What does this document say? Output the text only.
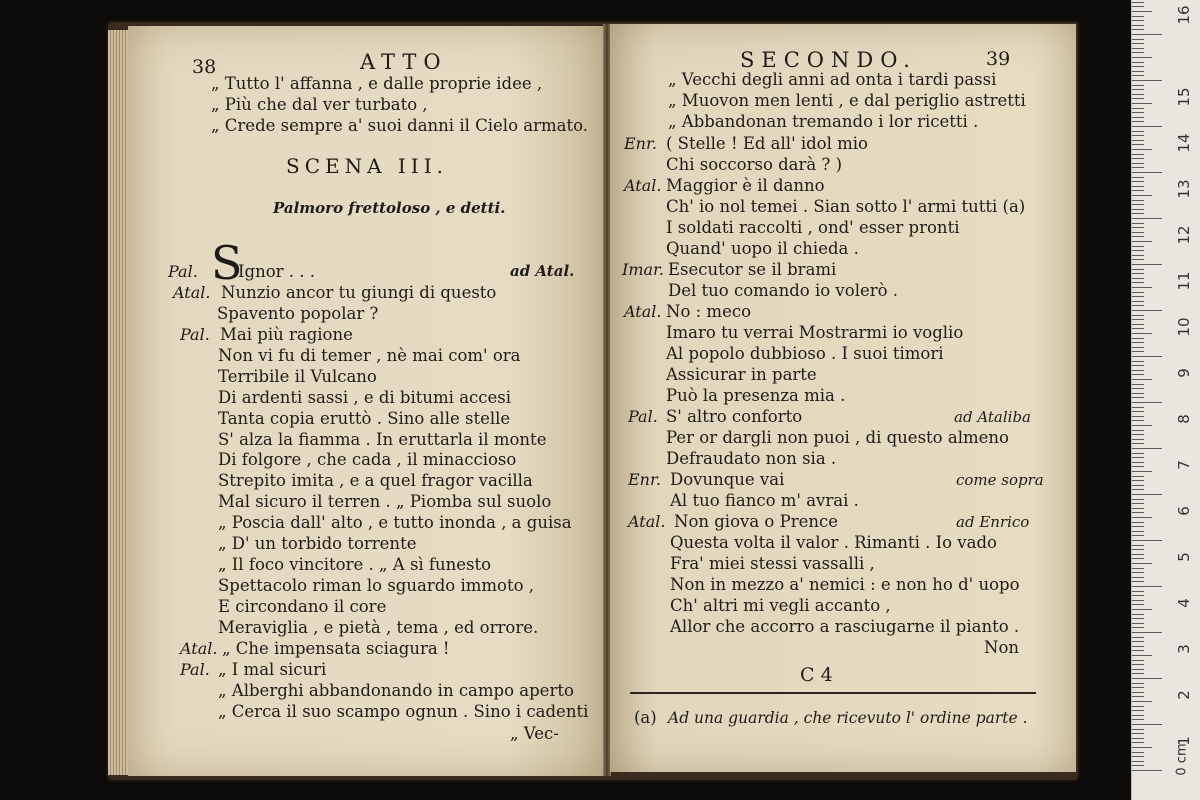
38	ATTO
„ Tutto l' affanna , e dalle proprie idee ,
„ Più che dal ver turbato ,
„ Crede sempre a' suoi danni il Cielo armato.
SCENA III.
Palmoro frettoloso , e detti.
Pal. S
Ignor . . .	ad Atal.
Atal. Nunzio ancor tu giungi di questo
Spavento popolar ?
Pal. Mai più ragione
Non vi fu di temer , nè mai com' ora
Terribile il Vulcano
Di ardenti sassi , e di bitumi accesi
Tanta copia eruttò . Sino alle stelle
S' alza la fiamma . In eruttarla il monte
Di folgore , che cada , il minaccioso
Strepito imita , e a quel fragor vacilla
Mal sicuro il terren . „ Piomba sul suolo
„ Poscia dall' alto , e tutto inonda , a guisa
„ D' un torbido torrente
„ Il foco vincitore . „ A sì funesto
Spettacolo riman lo sguardo immoto ,
E circondano il core
Meraviglia , e pietà , tema , ed orrore.
Atal. „ Che impensata sciagura !
Pal. „ I mal sicuri
„ Alberghi abbandonando in campo aperto
„ Cerca il suo scampo ognun . Sino i cadenti
„ Vec-
SECONDO.	39
„ Vecchi degli anni ad onta i tardi passi
„ Muovon men lenti , e dal periglio astretti
„ Abbandonan tremando i lor ricetti .
Enr. ( Stelle ! Ed all' idol mio
Chi soccorso darà ? )
Atal. Maggior è il danno
Ch' io nol temei . Sian sotto l' armi tutti (a)
I soldati raccolti , ond' esser pronti
Quand' uopo il chieda .
Imar. Esecutor se il brami
Del tuo comando io volerò .
Atal. No : meco
Imaro tu verrai Mostrarmi io voglio
Al popolo dubbioso . I suoi timori
Assicurar in parte
Può la presenza mia .
Pal. S' altro conforto	ad Ataliba
Per or dargli non puoi , di questo almeno
Defraudato non sia .
Enr. Dovunque vai	come sopra
Al tuo fianco m' avrai .
Atal. Non giova o Prence	ad Enrico
Questa volta il valor . Rimanti . Io vado
Fra' miei stessi vassalli ,
Non in mezzo a' nemici : e non ho d' uopo
Ch' altri mi vegli accanto ,
Allor che accorro a rasciugarne il pianto .
Non
C 4
(a) Ad una guardia , che ricevuto l' ordine parte .
0 cm
1
2
3
4
5
6
7
8
9
10
11
12
13
14
15
16
